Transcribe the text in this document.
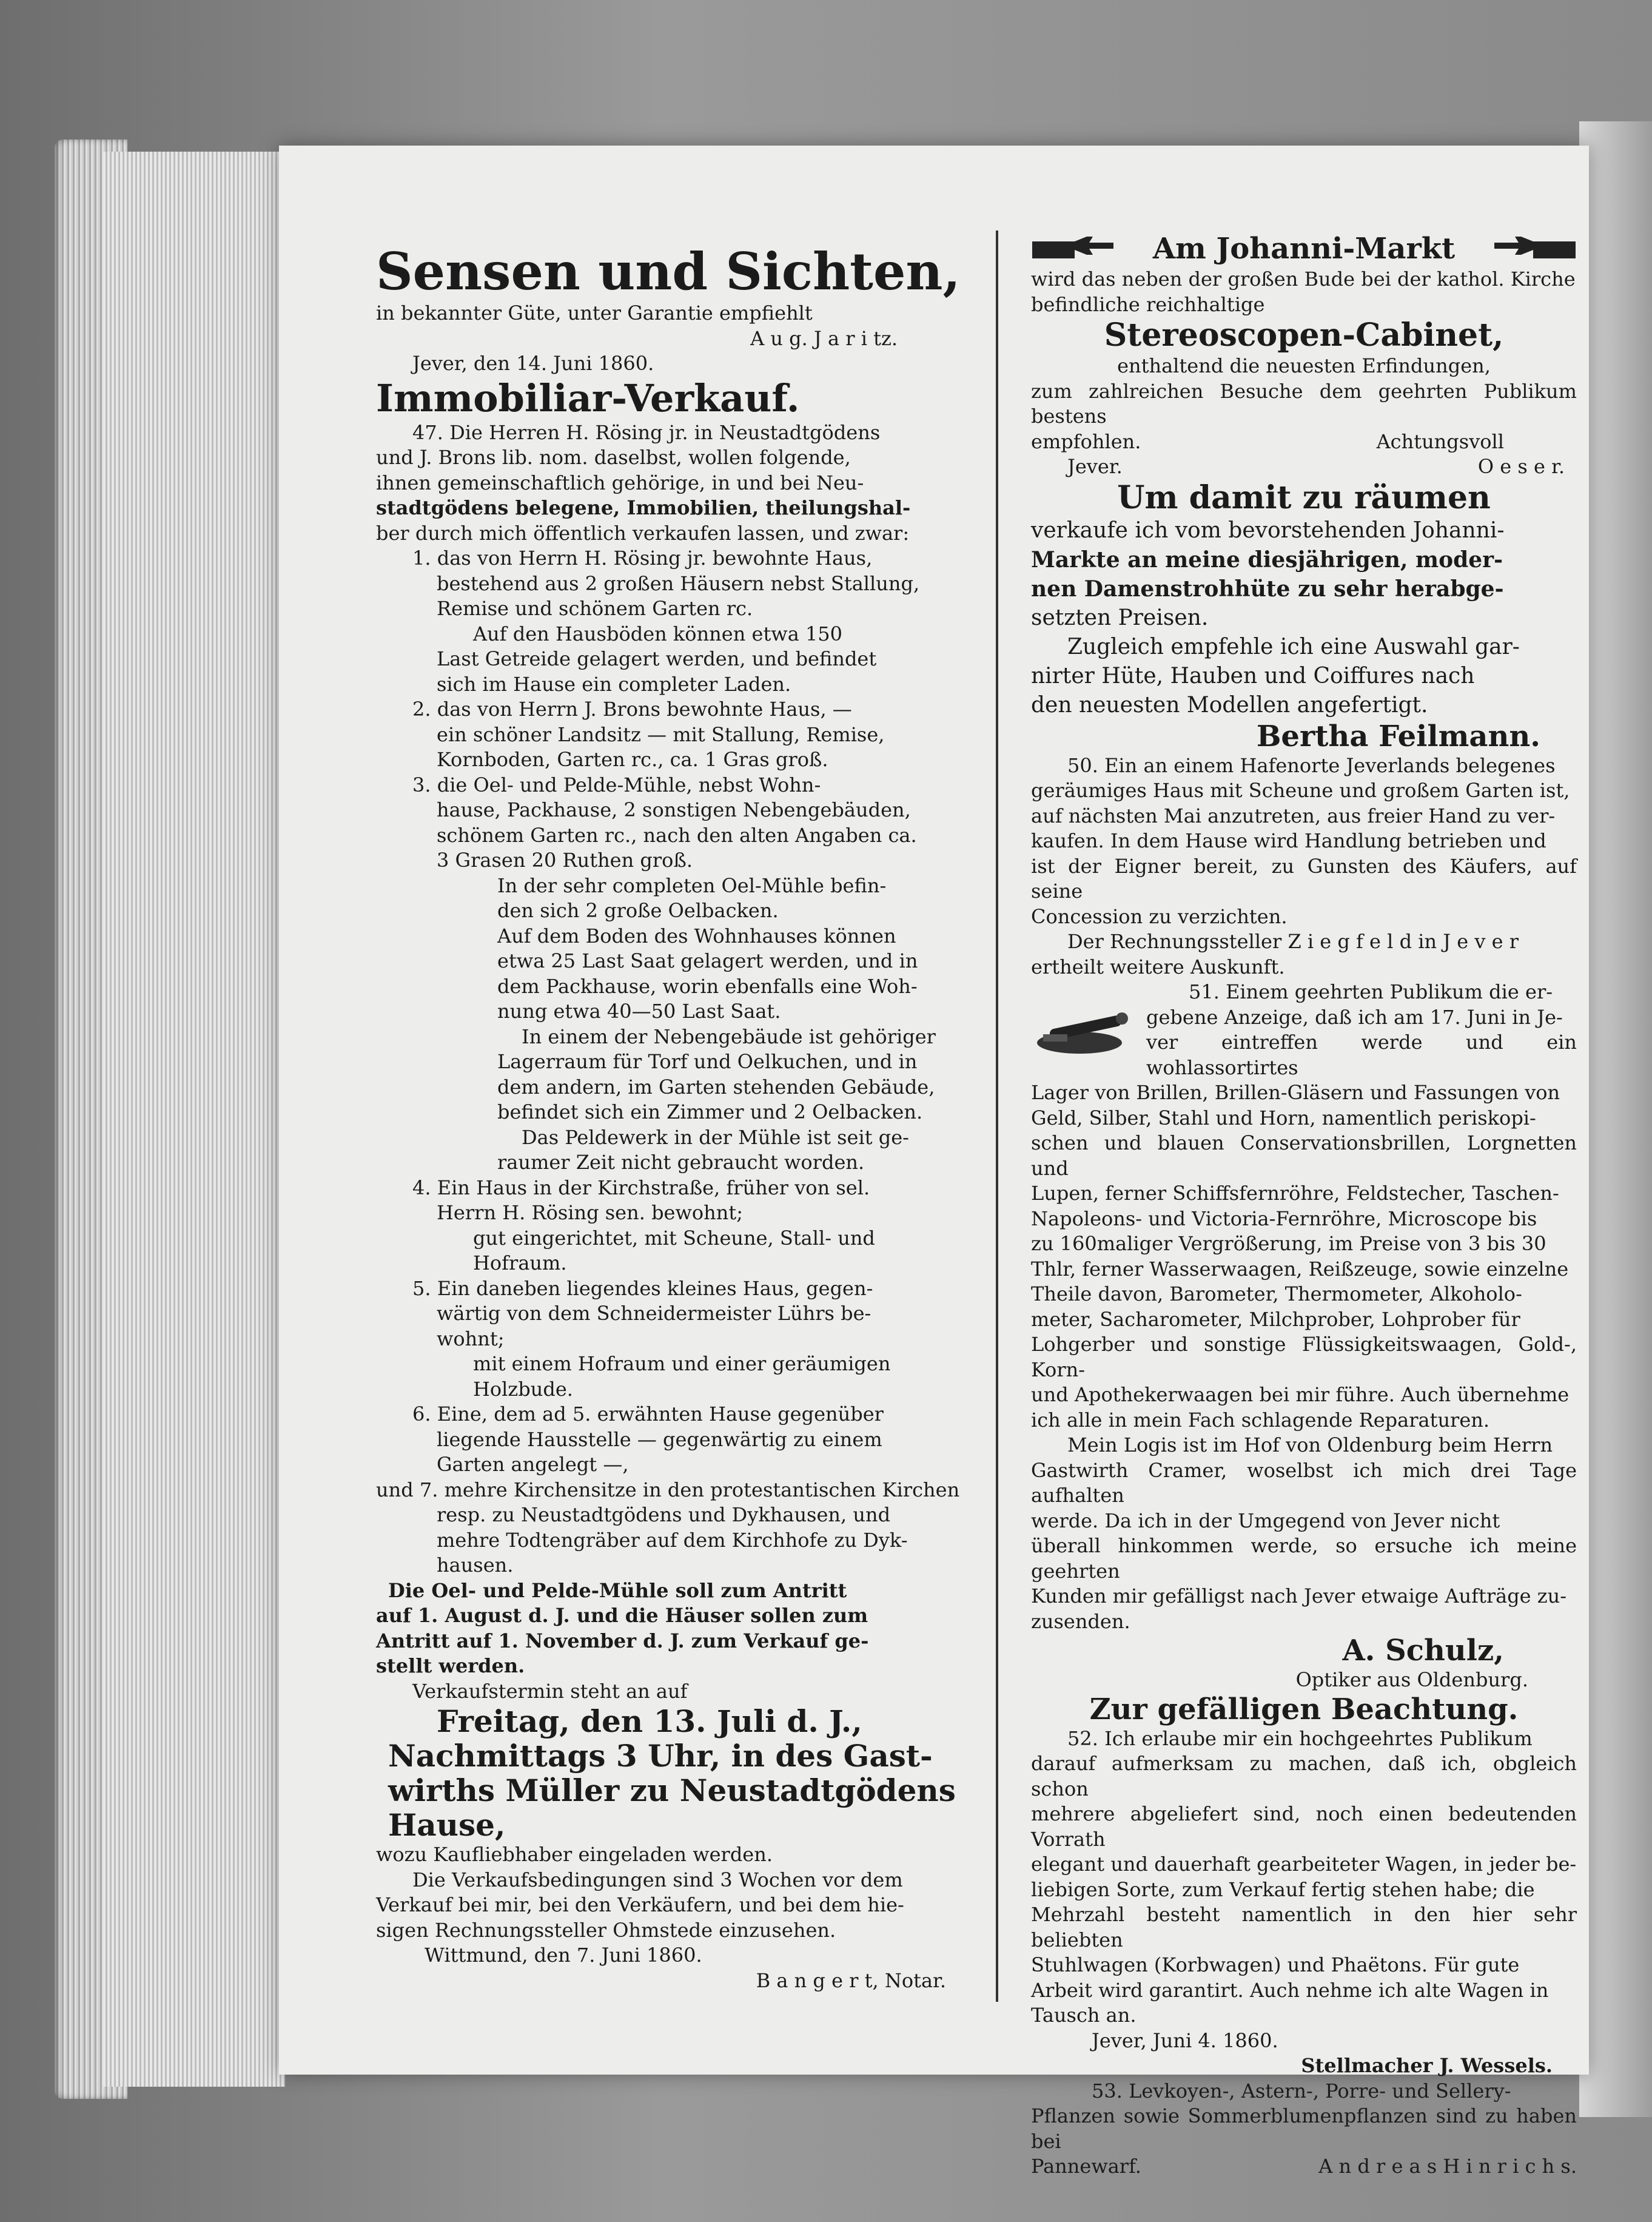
Sensen und Sichten,

in bekannter Güte, unter Garantie empfiehlt

A u g. J a r i tz.

Jever, den 14. Juni 1860.

Immobiliar-Verkauf.

47. Die Herren H. Rösing jr. in Neustadtgödens

und J. Brons lib. nom. daselbst, wollen folgende,

ihnen gemeinschaftlich gehörige, in und bei Neu-

stadtgödens belegene, Immobilien, theilungshal-

ber durch mich öffentlich verkaufen lassen, und zwar:

1. das von Herrn H. Rösing jr. bewohnte Haus,

bestehend aus 2 großen Häusern nebst Stallung,

Remise und schönem Garten rc.

Auf den Hausböden können etwa 150

Last Getreide gelagert werden, und befindet

sich im Hause ein completer Laden.

2. das von Herrn J. Brons bewohnte Haus, —

ein schöner Landsitz — mit Stallung, Remise,

Kornboden, Garten rc., ca. 1 Gras groß.

3. die Oel- und Pelde-Mühle, nebst Wohn-

hause, Packhause, 2 sonstigen Nebengebäuden,

schönem Garten rc., nach den alten Angaben ca.

3 Grasen 20 Ruthen groß.

In der sehr completen Oel-Mühle befin-

den sich 2 große Oelbacken.

Auf dem Boden des Wohnhauses können

etwa 25 Last Saat gelagert werden, und in

dem Packhause, worin ebenfalls eine Woh-

nung etwa 40—50 Last Saat.

In einem der Nebengebäude ist gehöriger

Lagerraum für Torf und Oelkuchen, und in

dem andern, im Garten stehenden Gebäude,

befindet sich ein Zimmer und 2 Oelbacken.

Das Peldewerk in der Mühle ist seit ge-

raumer Zeit nicht gebraucht worden.

4. Ein Haus in der Kirchstraße, früher von sel.

Herrn H. Rösing sen. bewohnt;

gut eingerichtet, mit Scheune, Stall- und

Hofraum.

5. Ein daneben liegendes kleines Haus, gegen-

wärtig von dem Schneidermeister Lührs be-

wohnt;

mit einem Hofraum und einer geräumigen

Holzbude.

6. Eine, dem ad 5. erwähnten Hause gegenüber

liegende Hausstelle — gegenwärtig zu einem

Garten angelegt —,

und 7. mehre Kirchensitze in den protestantischen Kirchen

resp. zu Neustadtgödens und Dykhausen, und

mehre Todtengräber auf dem Kirchhofe zu Dyk-

hausen.

Die Oel- und Pelde-Mühle soll zum Antritt

auf 1. August d. J. und die Häuser sollen zum

Antritt auf 1. November d. J. zum Verkauf ge-

stellt werden.

Verkaufstermin steht an auf

Freitag, den 13. Juli d. J.,

Nachmittags 3 Uhr, in des Gast-

wirths Müller zu Neustadtgödens

Hause,

wozu Kaufliebhaber eingeladen werden.

Die Verkaufsbedingungen sind 3 Wochen vor dem

Verkauf bei mir, bei den Verkäufern, und bei dem hie-

sigen Rechnungssteller Ohmstede einzusehen.

Wittmund, den 7. Juni 1860.

B a n g e r t, Notar.

Am Johanni-Markt

wird das neben der großen Bude bei der kathol. Kirche

befindliche reichhaltige

Stereoscopen-Cabinet,

enthaltend die neuesten Erfindungen,

zum zahlreichen Besuche dem geehrten Publikum bestens

empfohlen.	Achtungsvoll
Jever.	O e s e r.

Um damit zu räumen

verkaufe ich vom bevorstehenden Johanni-

Markte an meine diesjährigen, moder-

nen Damenstrohhüte zu sehr herabge-

setzten Preisen.

Zugleich empfehle ich eine Auswahl gar-

nirter Hüte, Hauben und Coiffures nach

den neuesten Modellen angefertigt.

Bertha Feilmann.

50. Ein an einem Hafenorte Jeverlands belegenes

geräumiges Haus mit Scheune und großem Garten ist,

auf nächsten Mai anzutreten, aus freier Hand zu ver-

kaufen. In dem Hause wird Handlung betrieben und

ist der Eigner bereit, zu Gunsten des Käufers, auf seine

Concession zu verzichten.

Der Rechnungssteller Z i e g f e l d in J e v e r

ertheilt weitere Auskunft.

51. Einem geehrten Publikum die er-

gebene Anzeige, daß ich am 17. Juni in Je-

ver eintreffen werde und ein wohlassortirtes

Lager von Brillen, Brillen-Gläsern und Fassungen von

Geld, Silber, Stahl und Horn, namentlich periskopi-

schen und blauen Conservationsbrillen, Lorgnetten und

Lupen, ferner Schiffsfernröhre, Feldstecher, Taschen-

Napoleons- und Victoria-Fernröhre, Microscope bis

zu 160maliger Vergrößerung, im Preise von 3 bis 30

Thlr, ferner Wasserwaagen, Reißzeuge, sowie einzelne

Theile davon, Barometer, Thermometer, Alkoholo-

meter, Sacharometer, Milchprober, Lohprober für

Lohgerber und sonstige Flüssigkeitswaagen, Gold-, Korn-

und Apothekerwaagen bei mir führe. Auch übernehme

ich alle in mein Fach schlagende Reparaturen.

Mein Logis ist im Hof von Oldenburg beim Herrn

Gastwirth Cramer, woselbst ich mich drei Tage aufhalten

werde. Da ich in der Umgegend von Jever nicht

überall hinkommen werde, so ersuche ich meine geehrten

Kunden mir gefälligst nach Jever etwaige Aufträge zu-

zusenden.

A. Schulz,

Optiker aus Oldenburg.

Zur gefälligen Beachtung.

52. Ich erlaube mir ein hochgeehrtes Publikum

darauf aufmerksam zu machen, daß ich, obgleich schon

mehrere abgeliefert sind, noch einen bedeutenden Vorrath

elegant und dauerhaft gearbeiteter Wagen, in jeder be-

liebigen Sorte, zum Verkauf fertig stehen habe; die

Mehrzahl besteht namentlich in den hier sehr beliebten

Stuhlwagen (Korbwagen) und Phaëtons. Für gute

Arbeit wird garantirt. Auch nehme ich alte Wagen in

Tausch an.

Jever, Juni 4. 1860.

Stellmacher J. Wessels.

53. Levkoyen-, Astern-, Porre- und Sellery-

Pflanzen sowie Sommerblumenpflanzen sind zu haben bei

Pannewarf.	A n d r e a s H i n r i c h s.
